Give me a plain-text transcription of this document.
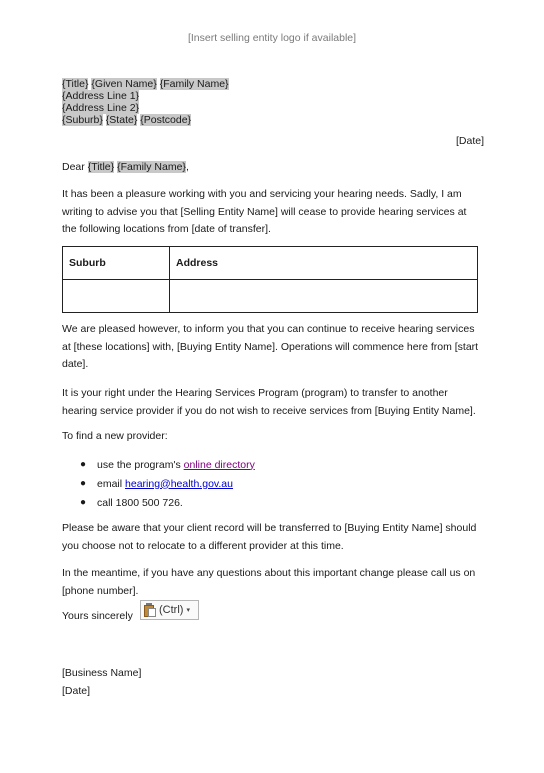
[Insert selling entity logo if available]
{Title} {Given Name} {Family Name}
{Address Line 1}
{Address Line 2}
{Suburb} {State} {Postcode}
[Date]
Dear {Title} {Family Name},
It has been a pleasure working with you and servicing your hearing needs. Sadly, I am writing to advise you that [Selling Entity Name] will cease to provide hearing services at the following locations from [date of transfer].
Suburb	Address

We are pleased however, to inform you that you can continue to receive hearing services at [these locations] with, [Buying Entity Name]. Operations will commence here from [start date].
It is your right under the Hearing Services Program (program) to transfer to another hearing service provider if you do not wish to receive services from [Buying Entity Name].
To find a new provider:
●	use the program's
online directory
●	email
hearing@health.gov.au
●	call 1800 500 726.
Please be aware that your client record will be transferred to [Buying Entity Name] should you choose not to relocate to a different provider at this time.
In the meantime, if you have any questions about this important change please call us on [phone number].
Yours sincerely (Ctrl) ▾
[Business Name]
[Date]
